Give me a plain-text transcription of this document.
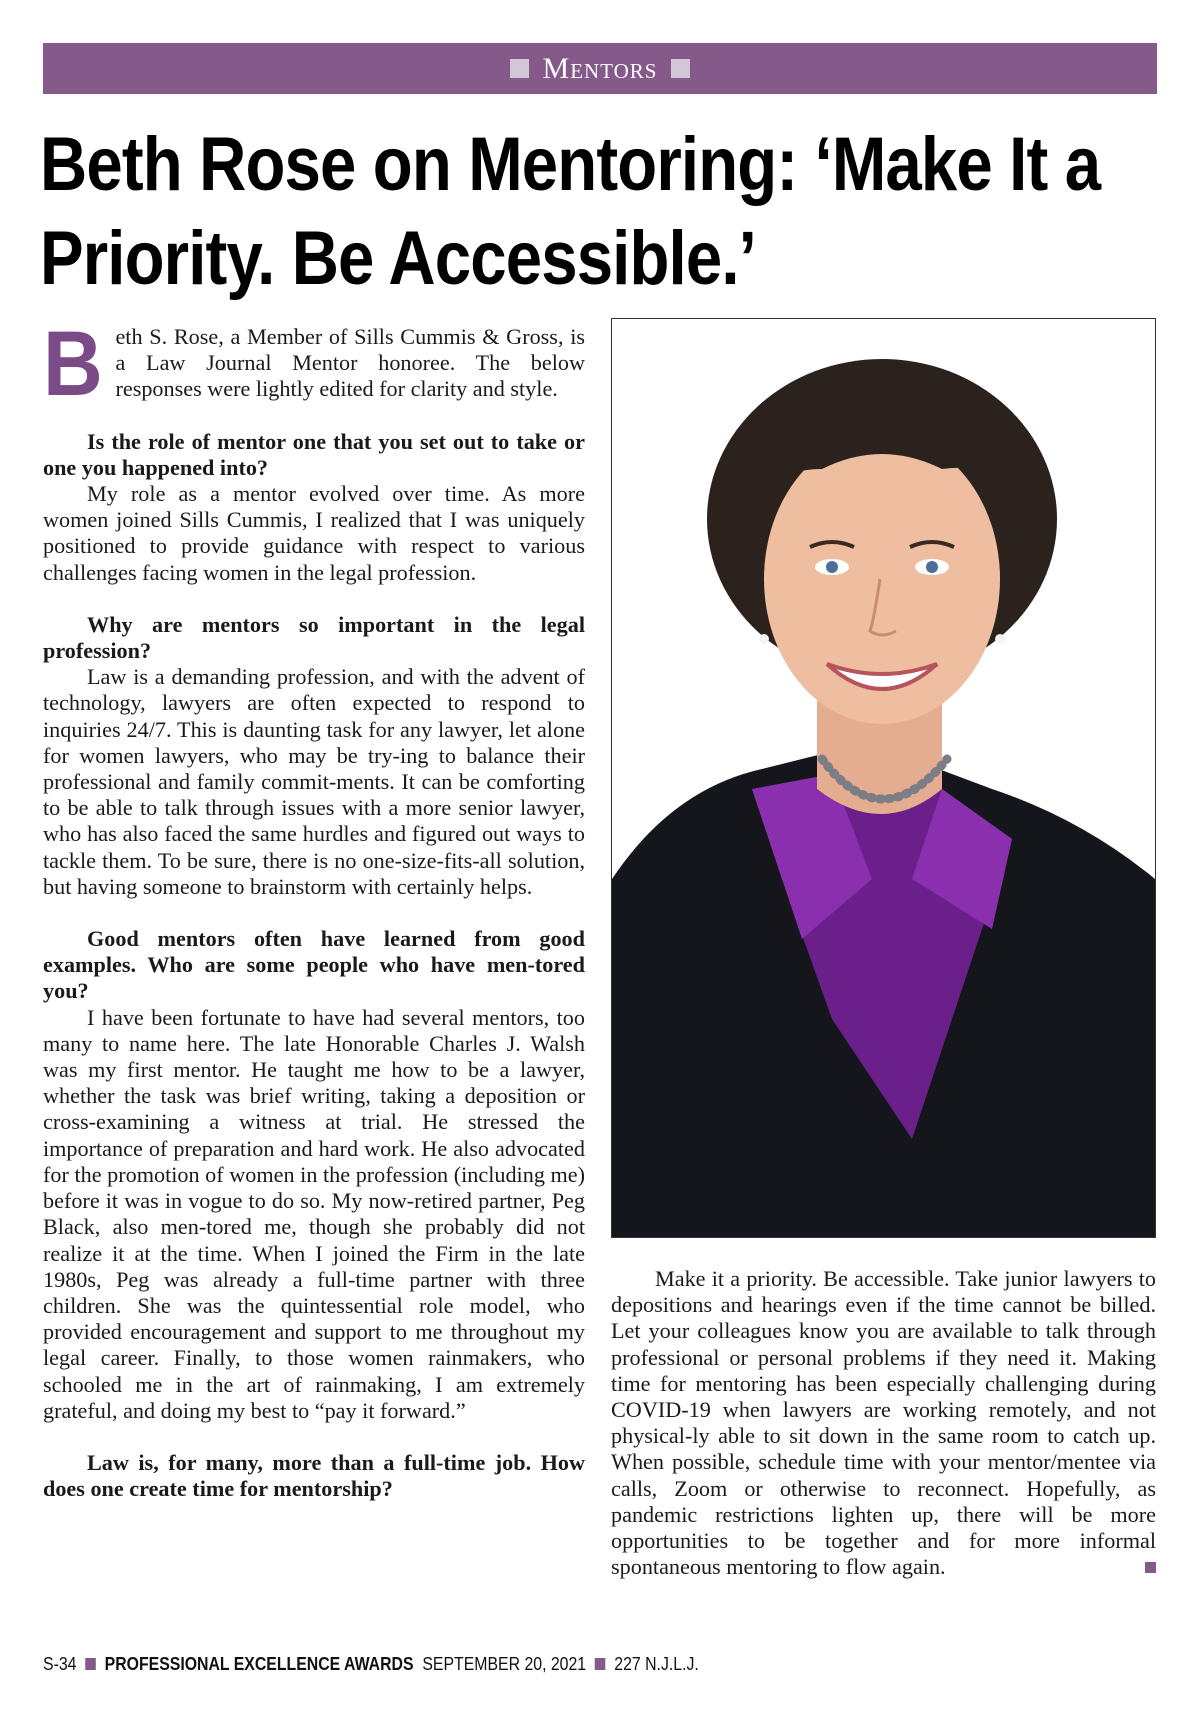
Mentors
Beth Rose on Mentoring: ‘Make It a
Priority. Be Accessible.’

Beth S. Rose, a Member of Sills Cummis & Gross, is a Law Journal Mentor honoree. The below responses were lightly edited for clarity and style.

Is the role of mentor one that you set out to take or one you happened into?

My role as a mentor evolved over time. As more women joined Sills Cummis, I realized that I was uniquely positioned to provide guidance with respect to various challenges facing women in the legal profession.

Why are mentors so important in the legal profession?

Law is a demanding profession, and with the advent of technology, lawyers are often expected to respond to inquiries 24/7. This is daunting task for any lawyer, let alone for women lawyers, who may be try-ing to balance their professional and family commit-ments. It can be comforting to be able to talk through issues with a more senior lawyer, who has also faced the same hurdles and figured out ways to tackle them. To be sure, there is no one-size-fits-all solution, but having someone to brainstorm with certainly helps.

Good mentors often have learned from good examples. Who are some people who have men-tored you?

I have been fortunate to have had several mentors, too many to name here. The late Honorable Charles J. Walsh was my first mentor. He taught me how to be a lawyer, whether the task was brief writing, taking a deposition or cross-examining a witness at trial. He stressed the importance of preparation and hard work. He also advocated for the promotion of women in the profession (including me) before it was in vogue to do so. My now-retired partner, Peg Black, also men-tored me, though she probably did not realize it at the time. When I joined the Firm in the late 1980s, Peg was already a full-time partner with three children. She was the quintessential role model, who provided encouragement and support to me throughout my legal career. Finally, to those women rainmakers, who schooled me in the art of rainmaking, I am extremely grateful, and doing my best to “pay it forward.”

Law is, for many, more than a full-time job. How does one create time for mentorship?

Make it a priority. Be accessible. Take junior lawyers to depositions and hearings even if the time cannot be billed. Let your colleagues know you are available to talk through professional or personal problems if they need it. Making time for mentoring has been especially challenging during COVID-19 when lawyers are working remotely, and not physical-ly able to sit down in the same room to catch up. When possible, schedule time with your mentor/mentee via calls, Zoom or otherwise to reconnect. Hopefully, as pandemic restrictions lighten up, there will be more opportunities to be together and for more informal spontaneous mentoring to flow again.

S-34 PROFESSIONAL EXCELLENCE AWARDS SEPTEMBER 20, 2021 227 N.J.L.J.
